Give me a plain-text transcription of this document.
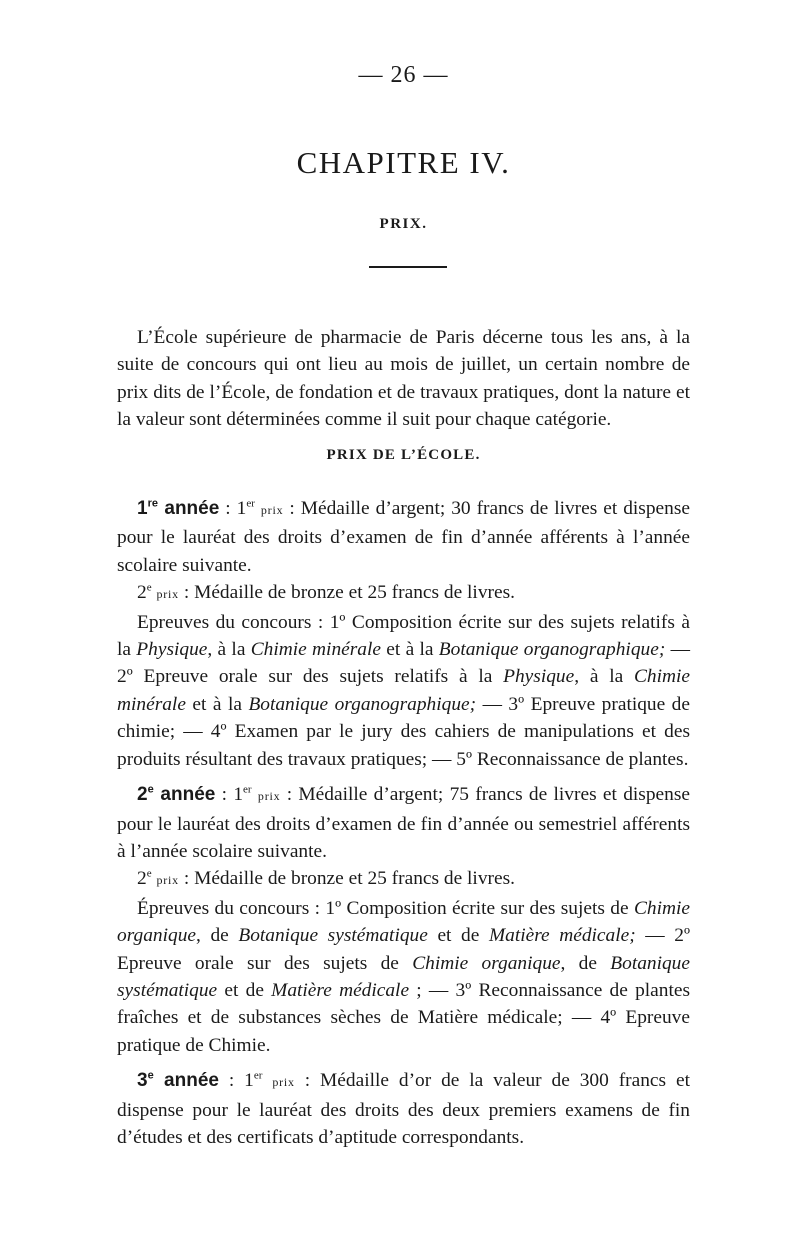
— 26 —
CHAPITRE IV.
PRIX.

L’École supérieure de pharmacie de Paris décerne tous les ans, à la suite de concours qui ont lieu au mois de juillet, un certain nombre de prix dits de l’École, de fondation et de travaux pratiques, dont la nature et la valeur sont déterminées comme il suit pour chaque catégorie.

PRIX DE L’ÉCOLE.

1re année : 1er prix : Médaille d’argent; 30 francs de livres et dispense pour le lauréat des droits d’examen de fin d’année afférents à l’année scolaire suivante.

2e prix : Médaille de bronze et 25 francs de livres.

Epreuves du concours : 1º Composition écrite sur des sujets relatifs à la Physique, à la Chimie minérale et à la Botanique organographique; — 2º Epreuve orale sur des sujets relatifs à la Physique, à la Chimie minérale et à la Botanique organographique; — 3º Epreuve pratique de chimie; — 4º Examen par le jury des cahiers de manipulations et des produits résultant des travaux pratiques; — 5º Reconnaissance de plantes.

2e année : 1er prix : Médaille d’argent; 75 francs de livres et dispense pour le lauréat des droits d’examen de fin d’année ou semestriel afférents à l’année scolaire suivante.

2e prix : Médaille de bronze et 25 francs de livres.

Épreuves du concours : 1º Composition écrite sur des sujets de Chimie organique, de Botanique systématique et de Matière médicale; — 2º Epreuve orale sur des sujets de Chimie organique, de Botanique systématique et de Matière médicale ; — 3º Reconnaissance de plantes fraîches et de substances sèches de Matière médicale; — 4º Epreuve pratique de Chimie.

3e année : 1er prix : Médaille d’or de la valeur de 300 francs et dispense pour le lauréat des droits des deux premiers examens de fin d’études et des certificats d’aptitude correspondants.
